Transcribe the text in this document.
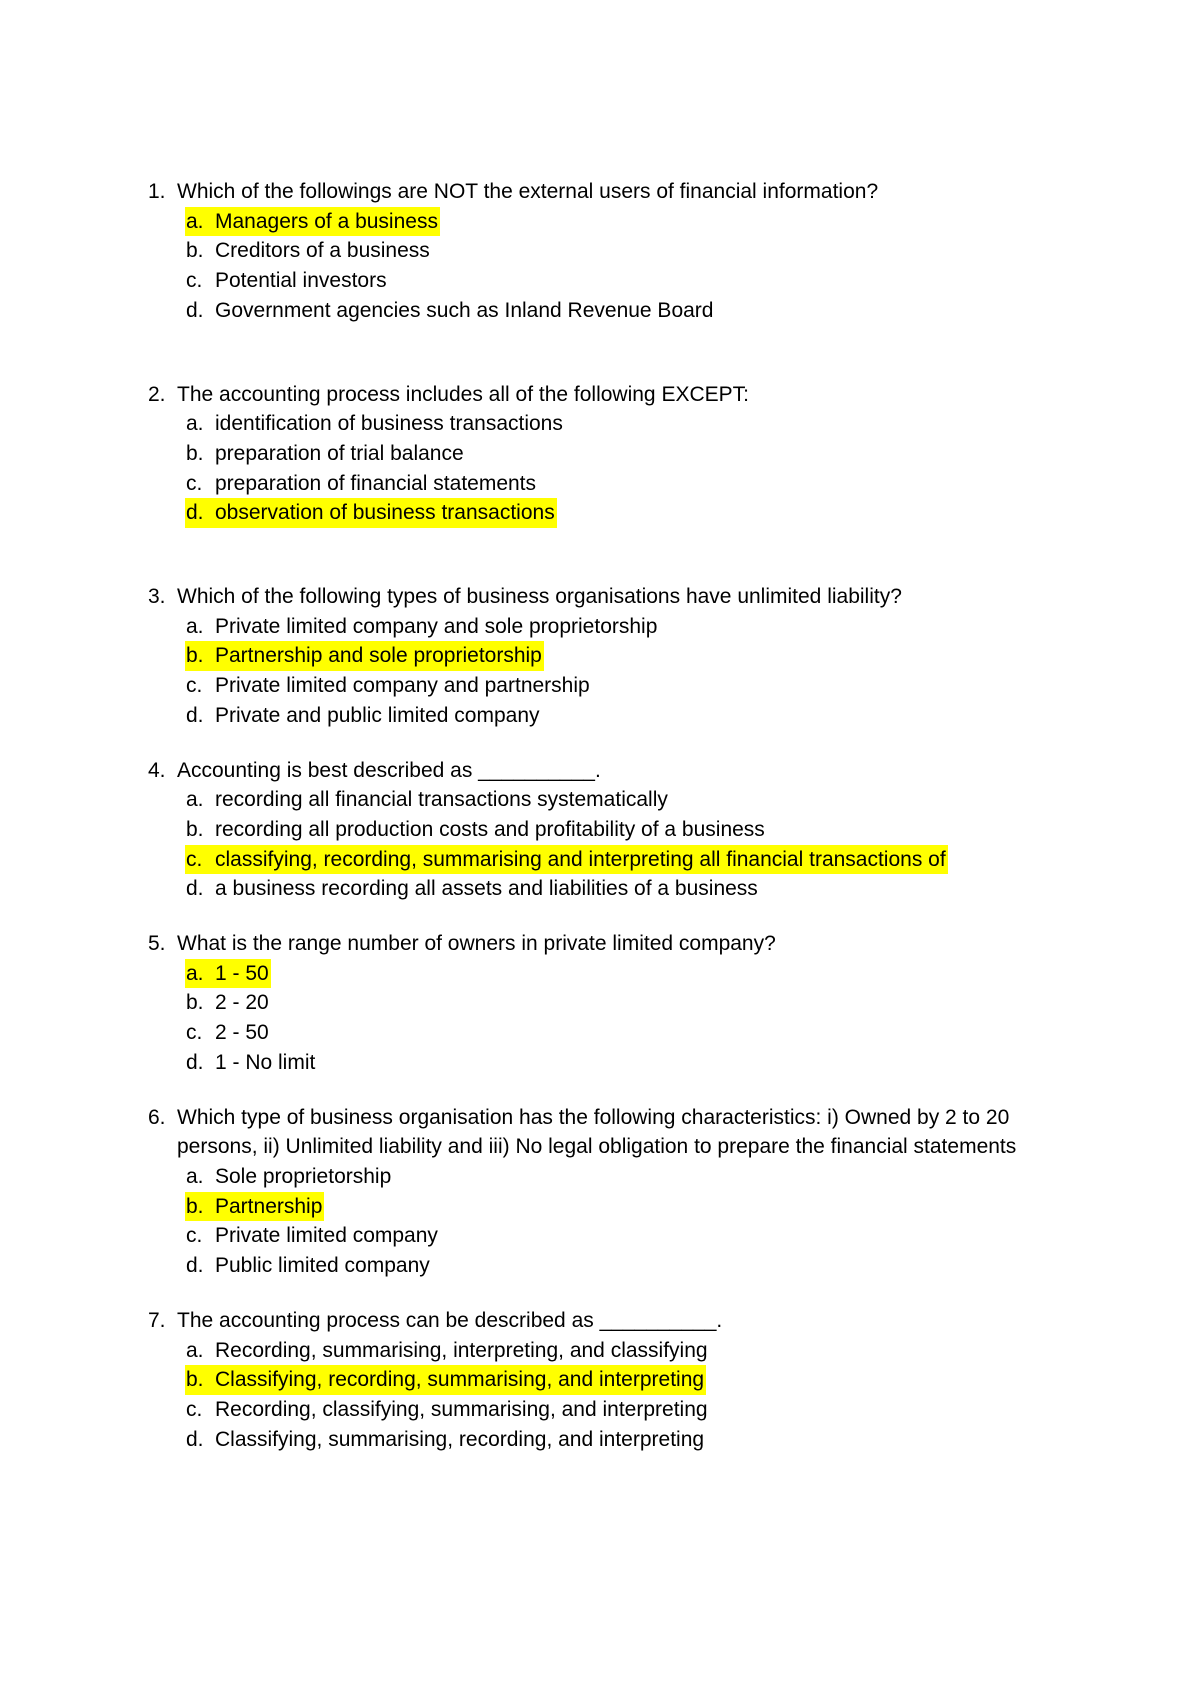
1. Which of the followings are NOT the external users of financial information?
a. Managers of a business
b. Creditors of a business
c. Potential investors
d. Government agencies such as Inland Revenue Board
2. The accounting process includes all of the following EXCEPT:
a. identification of business transactions
b. preparation of trial balance
c. preparation of financial statements
d. observation of business transactions
3. Which of the following types of business organisations have unlimited liability?
a. Private limited company and sole proprietorship
b. Partnership and sole proprietorship
c. Private limited company and partnership
d. Private and public limited company
4. Accounting is best described as __________.
a. recording all financial transactions systematically
b. recording all production costs and profitability of a business
c. classifying, recording, summarising and interpreting all financial transactions of
d. a business recording all assets and liabilities of a business
5. What is the range number of owners in private limited company?
a. 1 - 50
b. 2 - 20
c. 2 - 50
d. 1 - No limit
6. Which type of business organisation has the following characteristics: i) Owned by 2 to 20 persons, ii) Unlimited liability and iii) No legal obligation to prepare the financial statements
a. Sole proprietorship
b. Partnership
c. Private limited company
d. Public limited company
7. The accounting process can be described as __________.
a. Recording, summarising, interpreting, and classifying
b. Classifying, recording, summarising, and interpreting
c. Recording, classifying, summarising, and interpreting
d. Classifying, summarising, recording, and interpreting
